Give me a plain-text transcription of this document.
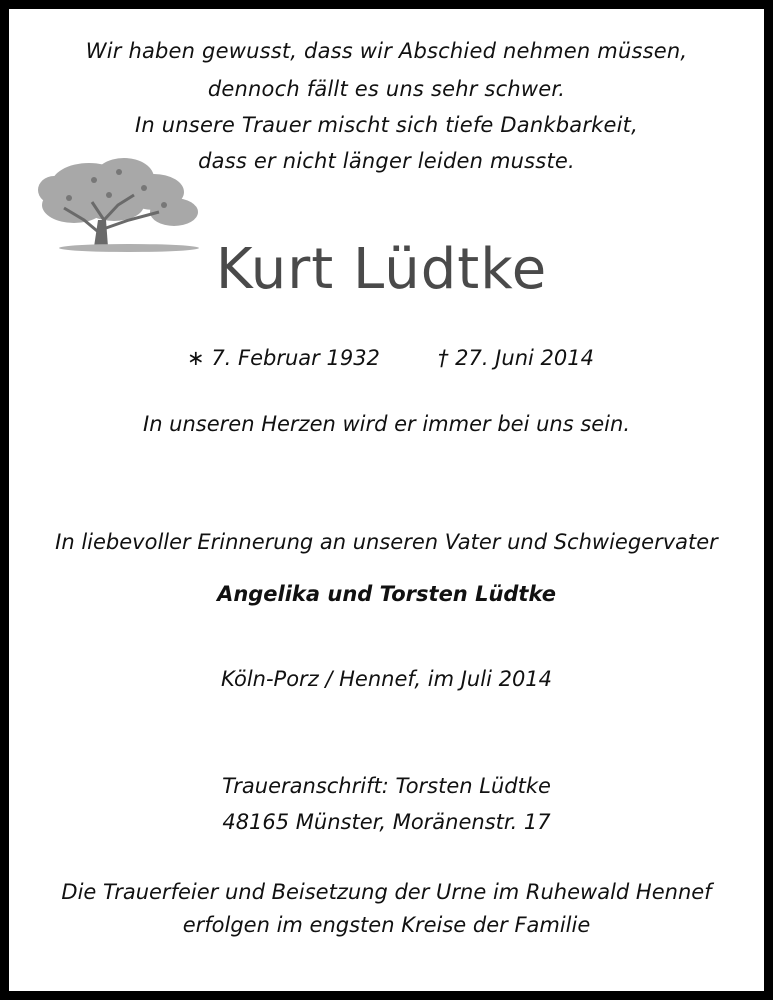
Wir haben gewusst, dass wir Abschied nehmen müssen,
dennoch fällt es uns sehr schwer.
In unsere Trauer mischt sich tiefe Dankbarkeit,
dass er nicht länger leiden musste.
Kurt Lüdtke
∗ 7. Februar 1932	† 27. Juni 2014
In unseren Herzen wird er immer bei uns sein.
In liebevoller Erinnerung an unseren Vater und Schwiegervater
Angelika und Torsten Lüdtke
Köln-Porz / Hennef, im Juli 2014
Traueranschrift: Torsten Lüdtke
48165 Münster, Moränenstr. 17
Die Trauerfeier und Beisetzung der Urne im Ruhewald Hennef
erfolgen im engsten Kreise der Familie
